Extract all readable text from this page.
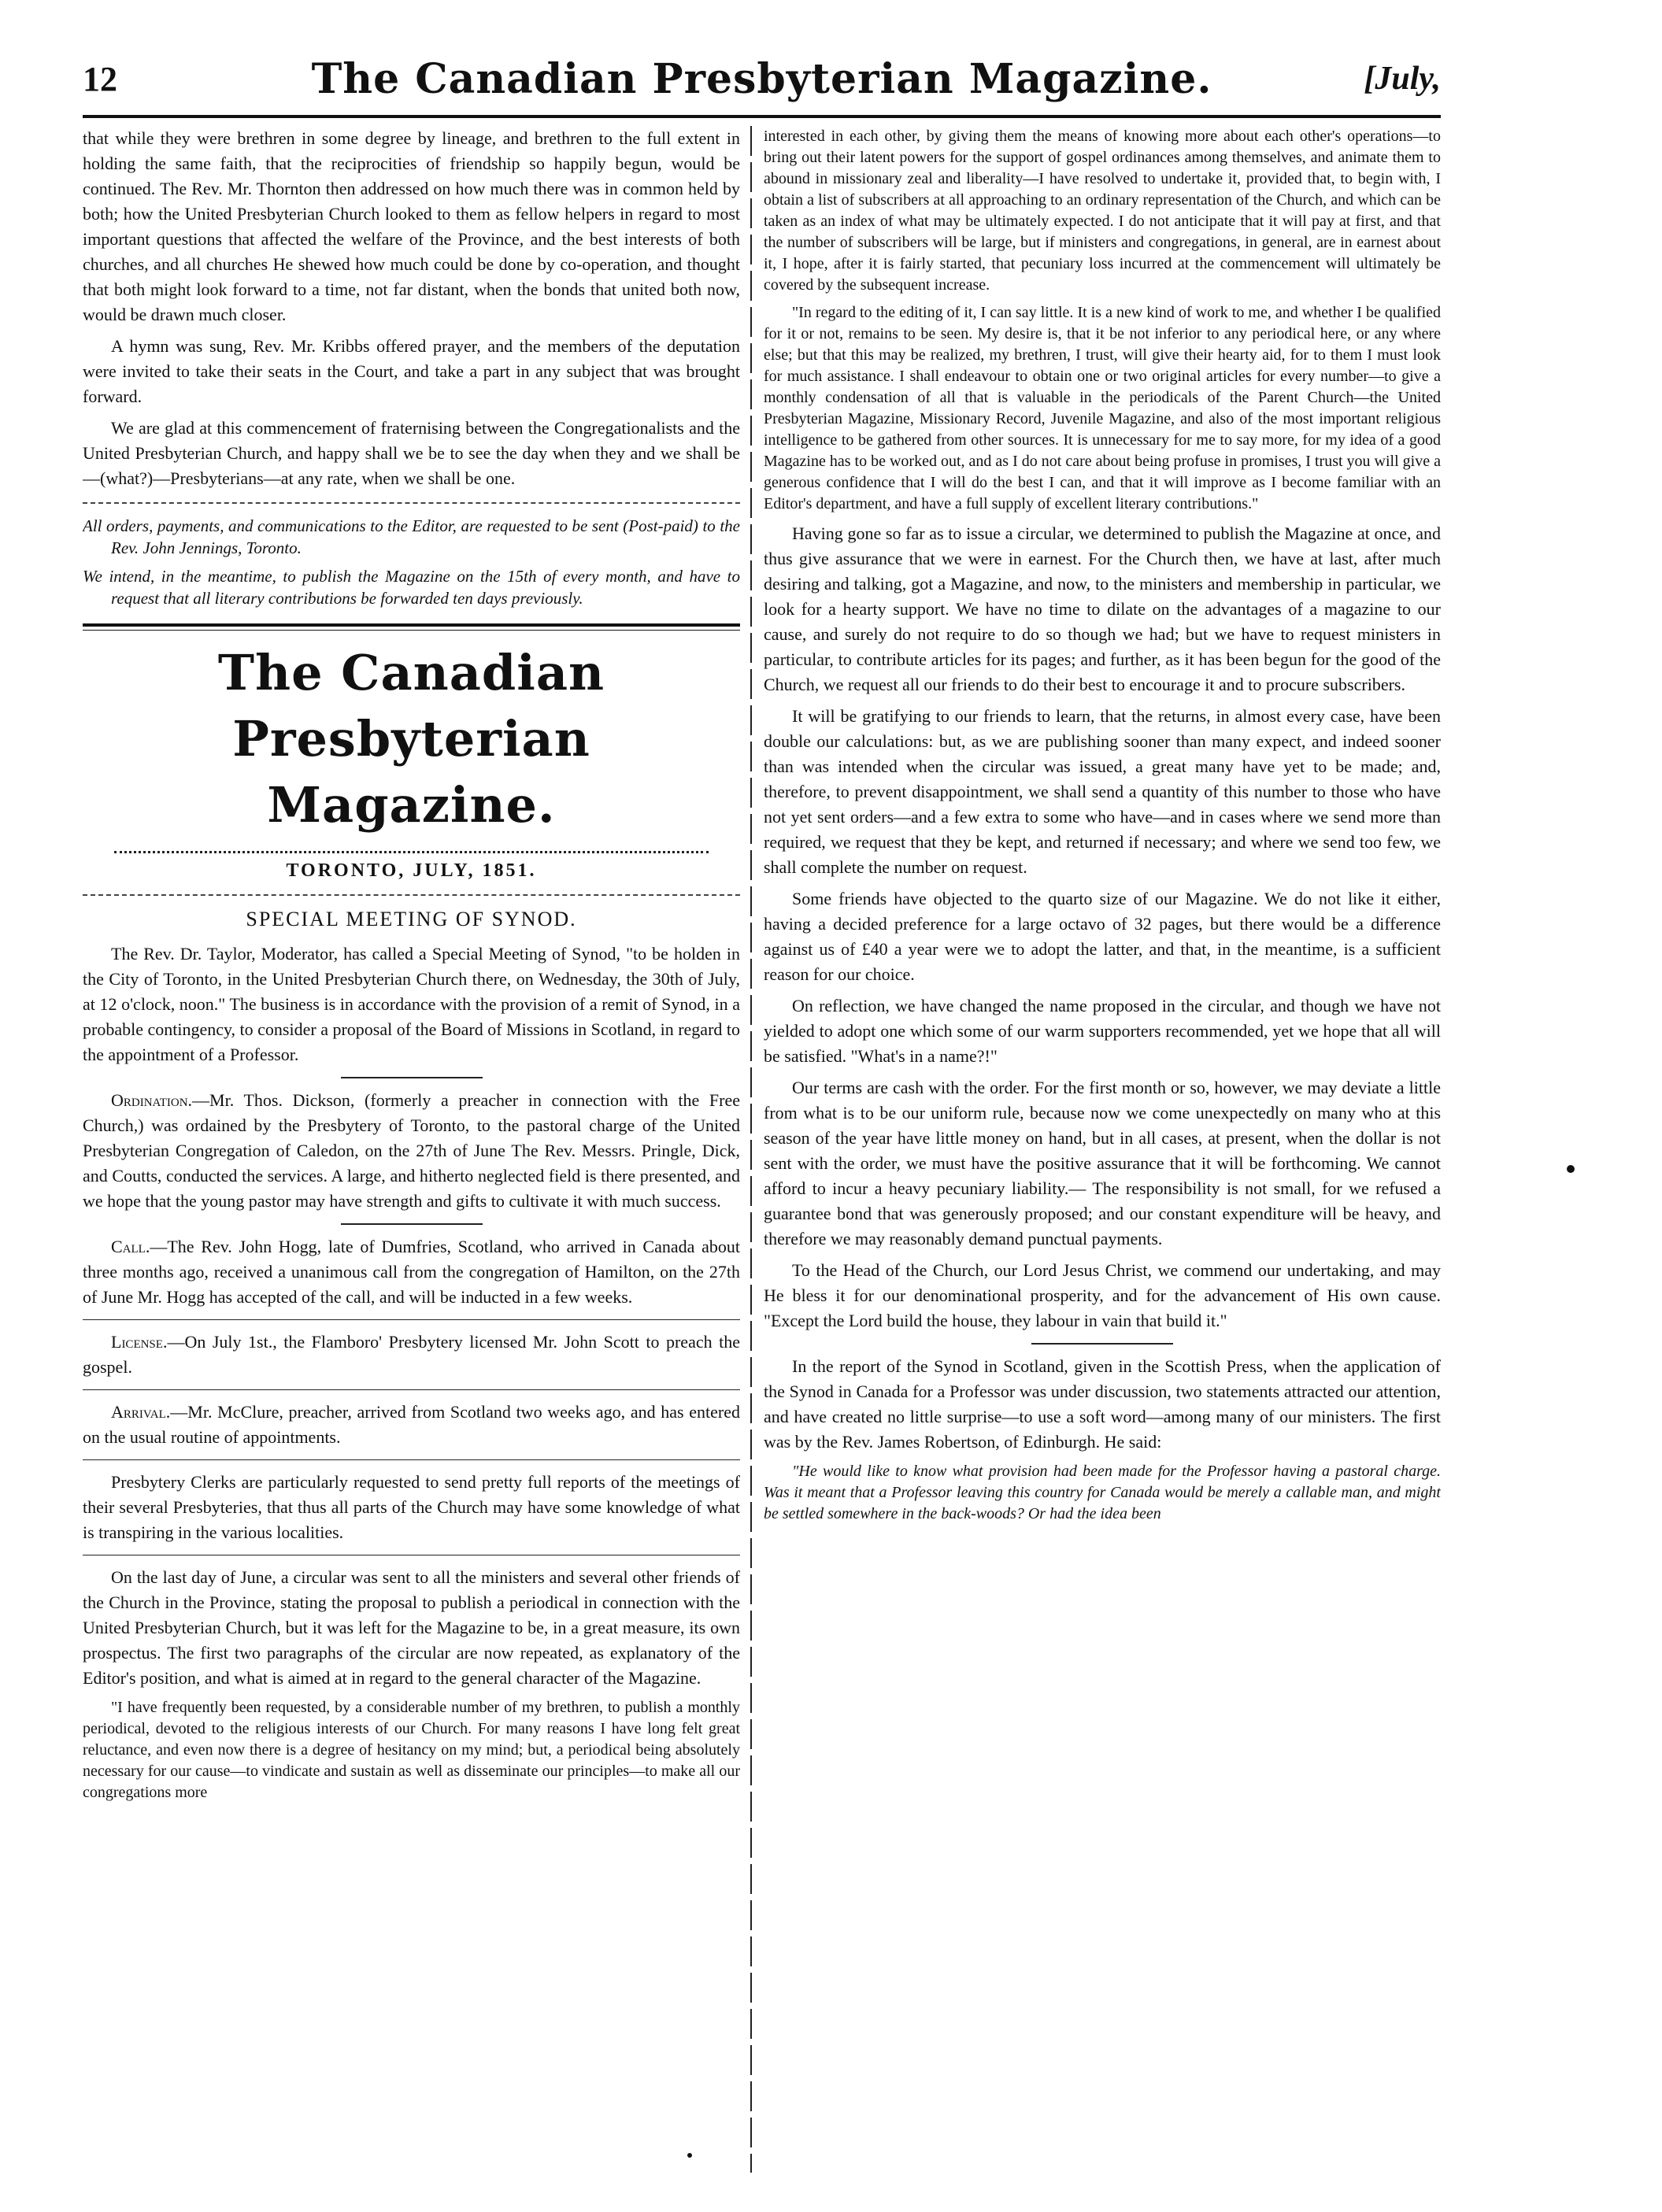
12	The Canadian Presbyterian Magazine.	[July,

that while they were brethren in some degree by lineage, and brethren to the full extent in holding the same faith, that the reciprocities of friendship so happily begun, would be continued. The Rev. Mr. Thornton then addressed on how much there was in common held by both; how the United Presbyterian Church looked to them as fellow helpers in regard to most important questions that affected the welfare of the Province, and the best interests of both churches, and all churches He shewed how much could be done by co-operation, and thought that both might look forward to a time, not far distant, when the bonds that united both now, would be drawn much closer.

A hymn was sung, Rev. Mr. Kribbs offered prayer, and the members of the deputation were invited to take their seats in the Court, and take a part in any subject that was brought forward.

We are glad at this commencement of fraternising between the Congregationalists and the United Presbyterian Church, and happy shall we be to see the day when they and we shall be—(what?)—Presbyterians—at any rate, when we shall be one.

All orders, payments, and communications to the Editor, are requested to be sent (Post-paid) to the Rev. John Jennings, Toronto.

We intend, in the meantime, to publish the Magazine on the 15th of every month, and have to request that all literary contributions be forwarded ten days previously.

The Canadian Presbyterian Magazine.
TORONTO, JULY, 1851.
SPECIAL MEETING OF SYNOD.

The Rev. Dr. Taylor, Moderator, has called a Special Meeting of Synod, "to be holden in the City of Toronto, in the United Presbyterian Church there, on Wednesday, the 30th of July, at 12 o'clock, noon." The business is in accordance with the provision of a remit of Synod, in a probable contingency, to consider a proposal of the Board of Missions in Scotland, in regard to the appointment of a Professor.

Ordination.—Mr. Thos. Dickson, (formerly a preacher in connection with the Free Church,) was ordained by the Presbytery of Toronto, to the pastoral charge of the United Presbyterian Congregation of Caledon, on the 27th of June The Rev. Messrs. Pringle, Dick, and Coutts, conducted the services. A large, and hitherto neglected field is there presented, and we hope that the young pastor may have strength and gifts to cultivate it with much success.

Call.—The Rev. John Hogg, late of Dumfries, Scotland, who arrived in Canada about three months ago, received a unanimous call from the congregation of Hamilton, on the 27th of June Mr. Hogg has accepted of the call, and will be inducted in a few weeks.

License.—On July 1st., the Flamboro' Presbytery licensed Mr. John Scott to preach the gospel.

Arrival.—Mr. McClure, preacher, arrived from Scotland two weeks ago, and has entered on the usual routine of appointments.

Presbytery Clerks are particularly requested to send pretty full reports of the meetings of their several Presbyteries, that thus all parts of the Church may have some knowledge of what is transpiring in the various localities.

On the last day of June, a circular was sent to all the ministers and several other friends of the Church in the Province, stating the proposal to publish a periodical in connection with the United Presbyterian Church, but it was left for the Magazine to be, in a great measure, its own prospectus. The first two paragraphs of the circular are now repeated, as explanatory of the Editor's position, and what is aimed at in regard to the general character of the Magazine.

"I have frequently been requested, by a considerable number of my brethren, to publish a monthly periodical, devoted to the religious interests of our Church. For many reasons I have long felt great reluctance, and even now there is a degree of hesitancy on my mind; but, a periodical being absolutely necessary for our cause—to vindicate and sustain as well as disseminate our principles—to make all our congregations more

interested in each other, by giving them the means of knowing more about each other's operations—to bring out their latent powers for the support of gospel ordinances among themselves, and animate them to abound in missionary zeal and liberality—I have resolved to undertake it, provided that, to begin with, I obtain a list of subscribers at all approaching to an ordinary representation of the Church, and which can be taken as an index of what may be ultimately expected. I do not anticipate that it will pay at first, and that the number of subscribers will be large, but if ministers and congregations, in general, are in earnest about it, I hope, after it is fairly started, that pecuniary loss incurred at the commencement will ultimately be covered by the subsequent increase.

"In regard to the editing of it, I can say little. It is a new kind of work to me, and whether I be qualified for it or not, remains to be seen. My desire is, that it be not inferior to any periodical here, or any where else; but that this may be realized, my brethren, I trust, will give their hearty aid, for to them I must look for much assistance. I shall endeavour to obtain one or two original articles for every number—to give a monthly condensation of all that is valuable in the periodicals of the Parent Church—the United Presbyterian Magazine, Missionary Record, Juvenile Magazine, and also of the most important religious intelligence to be gathered from other sources. It is unnecessary for me to say more, for my idea of a good Magazine has to be worked out, and as I do not care about being profuse in promises, I trust you will give a generous confidence that I will do the best I can, and that it will improve as I become familiar with an Editor's department, and have a full supply of excellent literary contributions."

Having gone so far as to issue a circular, we determined to publish the Magazine at once, and thus give assurance that we were in earnest. For the Church then, we have at last, after much desiring and talking, got a Magazine, and now, to the ministers and membership in particular, we look for a hearty support. We have no time to dilate on the advantages of a magazine to our cause, and surely do not require to do so though we had; but we have to request ministers in particular, to contribute articles for its pages; and further, as it has been begun for the good of the Church, we request all our friends to do their best to encourage it and to procure subscribers.

It will be gratifying to our friends to learn, that the returns, in almost every case, have been double our calculations: but, as we are publishing sooner than many expect, and indeed sooner than was intended when the circular was issued, a great many have yet to be made; and, therefore, to prevent disappointment, we shall send a quantity of this number to those who have not yet sent orders—and a few extra to some who have—and in cases where we send more than required, we request that they be kept, and returned if necessary; and where we send too few, we shall complete the number on request.

Some friends have objected to the quarto size of our Magazine. We do not like it either, having a decided preference for a large octavo of 32 pages, but there would be a difference against us of £40 a year were we to adopt the latter, and that, in the meantime, is a sufficient reason for our choice.

On reflection, we have changed the name proposed in the circular, and though we have not yielded to adopt one which some of our warm supporters recommended, yet we hope that all will be satisfied. "What's in a name?!"

Our terms are cash with the order. For the first month or so, however, we may deviate a little from what is to be our uniform rule, because now we come unexpectedly on many who at this season of the year have little money on hand, but in all cases, at present, when the dollar is not sent with the order, we must have the positive assurance that it will be forthcoming. We cannot afford to incur a heavy pecuniary liability.— The responsibility is not small, for we refused a guarantee bond that was generously proposed; and our constant expenditure will be heavy, and therefore we may reasonably demand punctual payments.

To the Head of the Church, our Lord Jesus Christ, we commend our undertaking, and may He bless it for our denominational prosperity, and for the advancement of His own cause. "Except the Lord build the house, they labour in vain that build it."

In the report of the Synod in Scotland, given in the Scottish Press, when the application of the Synod in Canada for a Professor was under discussion, two statements attracted our attention, and have created no little surprise—to use a soft word—among many of our ministers. The first was by the Rev. James Robertson, of Edinburgh. He said:

"He would like to know what provision had been made for the Professor having a pastoral charge. Was it meant that a Professor leaving this country for Canada would be merely a callable man, and might be settled somewhere in the back-woods? Or had the idea been
